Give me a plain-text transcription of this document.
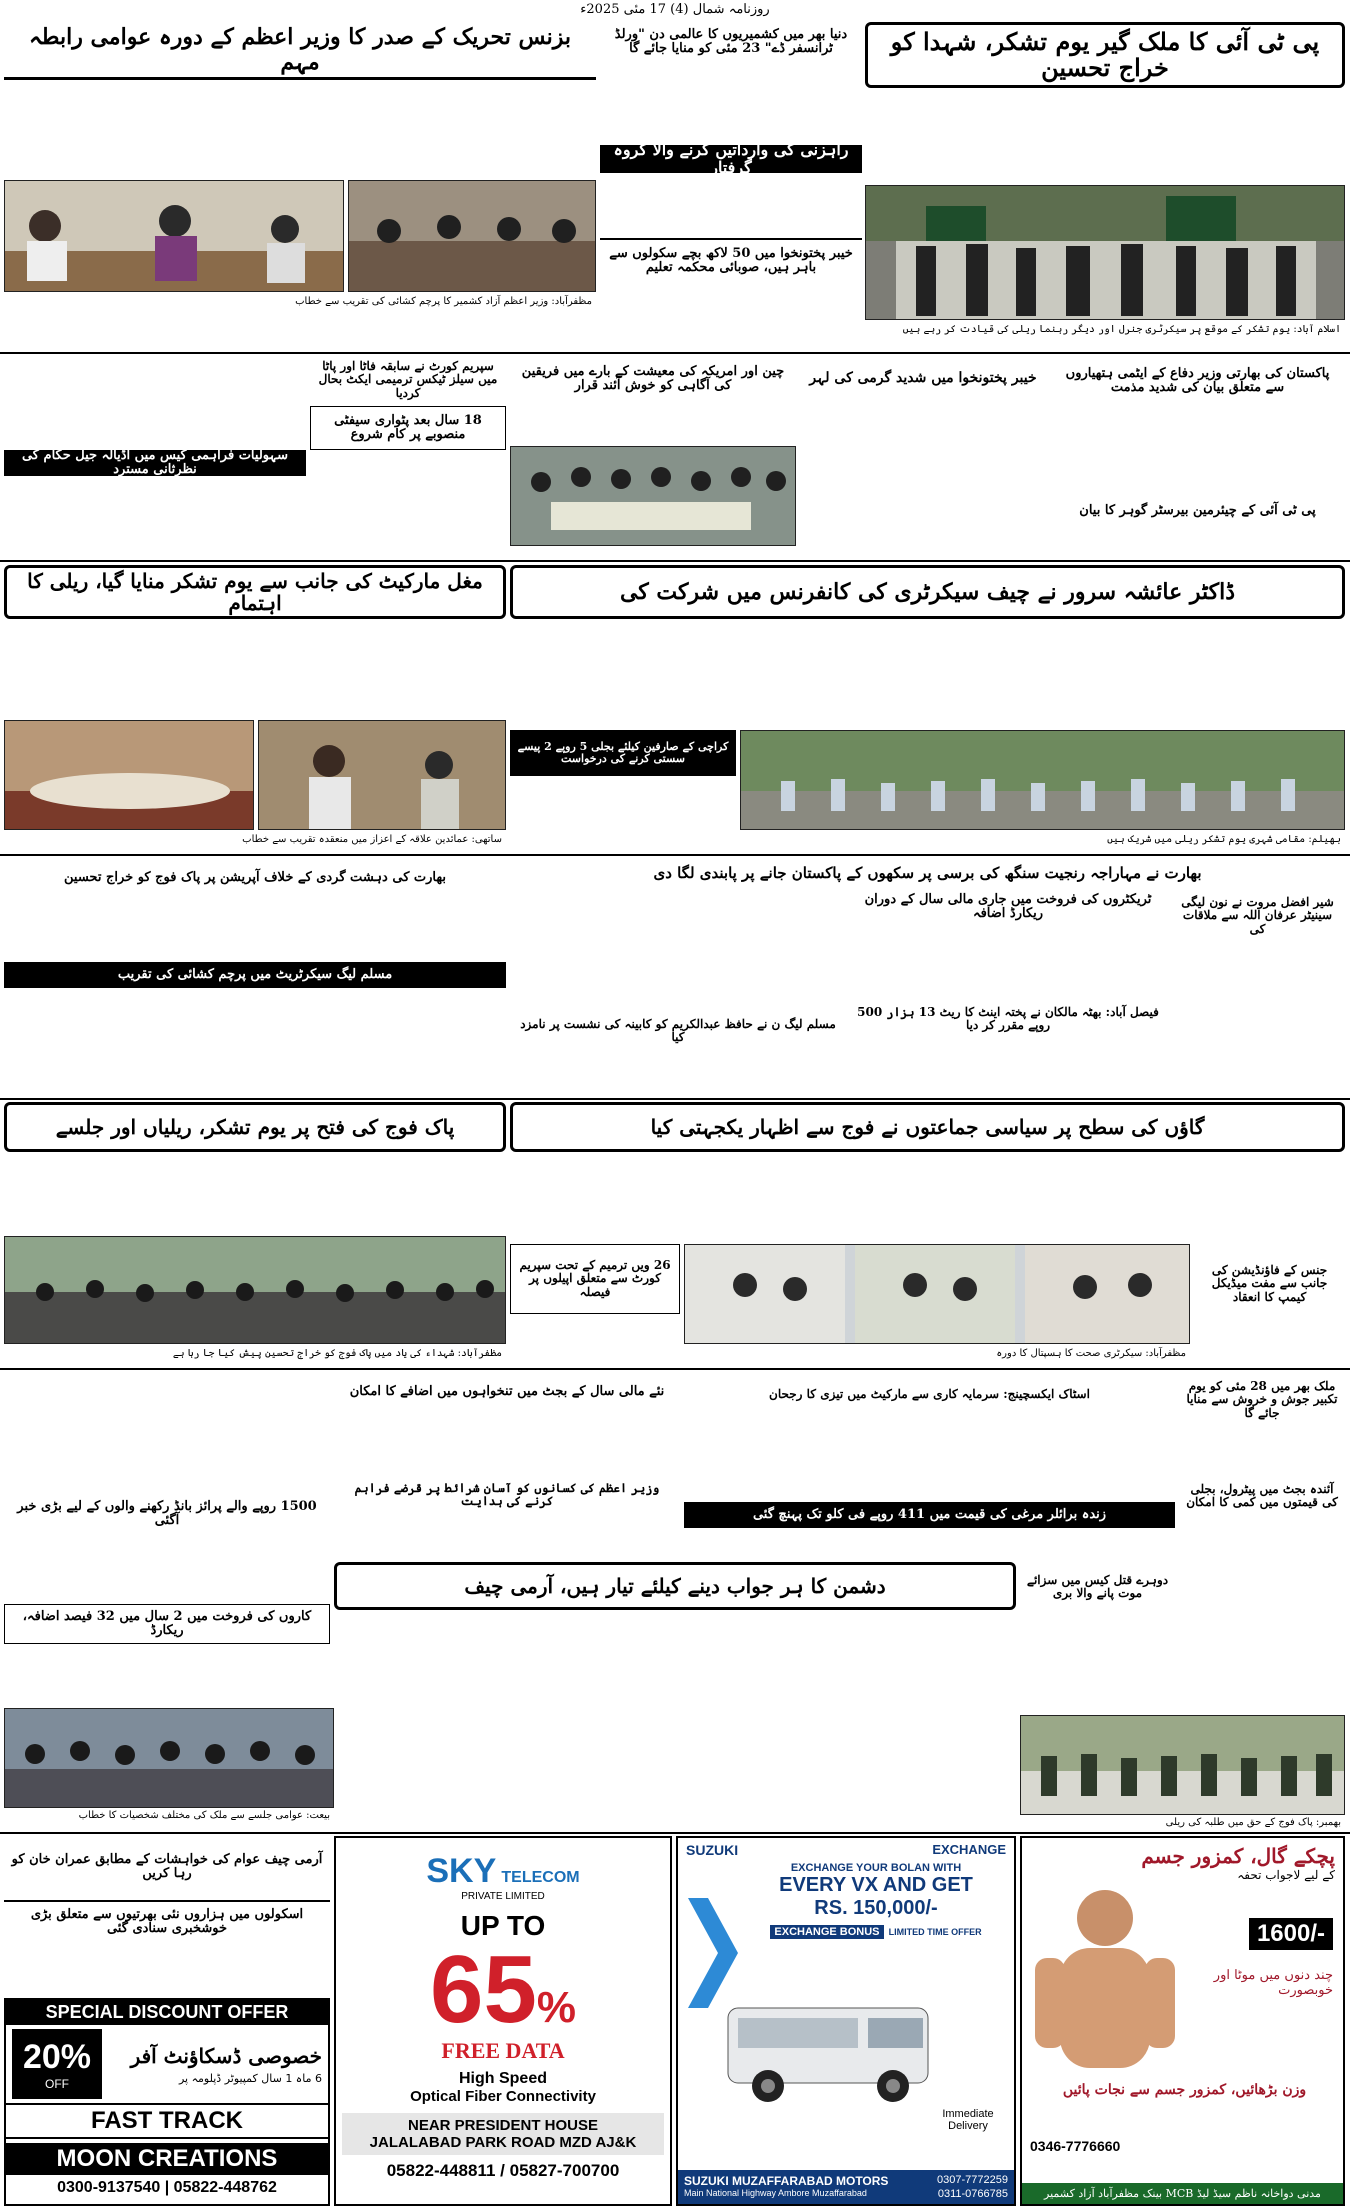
روزنامہ شمال (4) 17 مئی 2025ء
پی ٹی آئی کا ملک گیر یوم تشکر، شہدا کو خراج تحسین
اسلام آباد: یوم تشکر کے موقع پر سیکرٹری جنرل اور دیگر رہنما ریلی کی قیادت کر رہے ہیں
دنیا بھر میں کشمیریوں کا عالمی دن "ورلڈ ٹرانسفر ڈے" 23 مئی کو منایا جائے گا
بزنس تحریک کے صدر کا وزیر اعظم کے دورہ عوامی رابطہ مہم
مظفرآباد: وزیر اعظم آزاد کشمیر کا پرچم کشائی کی تقریب سے خطاب
راہزنی کی وارداتیں کرنے والا گروہ گرفتار
خیبر پختونخوا میں 50 لاکھ بچے سکولوں سے باہر ہیں، صوبائی محکمہ تعلیم
پاکستان کی بھارتی وزیر دفاع کے ایٹمی ہتھیاروں سے متعلق بیان کی شدید مذمت
پی ٹی آئی کے چیئرمین بیرسٹر گوہر کا بیان
خیبر پختونخوا میں شدید گرمی کی لہر
چین اور امریکہ کی معیشت کے بارے میں فریقین کی آگاہی کو خوش آئند قرار
سپریم کورٹ نے سابقہ فاٹا اور پاٹا میں سیلز ٹیکس ترمیمی ایکٹ بحال کردیا
18 سال بعد پٹواری سیفٹی منصوبے پر کام شروع
سہولیات فراہمی کیس میں اڈیالہ جیل حکام کی نظرثانی مسترد
ڈاکٹر عائشہ سرور نے چیف سیکرٹری کی کانفرنس میں شرکت کی
بھیلم: مقامی شہری یوم تشکر ریلی میں شریک ہیں
مغل مارکیٹ کی جانب سے یوم تشکر منایا گیا، ریلی کا اہتمام
ساتھی: عمائدین علاقہ کے اعزاز میں منعقدہ تقریب سے خطاب
کراچی کے صارفین کیلئے بجلی 5 روپے 2 پیسے سستی کرنے کی درخواست
بھارت نے مہاراجہ رنجیت سنگھ کی برسی پر سکھوں کے پاکستان جانے پر پابندی لگا دی
شیر افضل مروت نے نون لیگی سینیٹر عرفان اللہ سے ملاقات کی
ٹریکٹروں کی فروخت میں جاری مالی سال کے دوران ریکارڈ اضافہ
فیصل آباد: بھٹہ مالکان نے پختہ اینٹ کا ریٹ 13 ہزار 500 روپے مقرر کر دیا
مسلم لیگ ن نے حافظ عبدالکریم کو کابینہ کی نشست پر نامزد کیا
بھارت کی دہشت گردی کے خلاف آپریشن پر پاک فوج کو خراج تحسین
مسلم لیگ سیکرٹریٹ میں پرچم کشائی کی تقریب
پاک فوج کی فتح پر یوم تشکر، ریلیاں اور جلسے
مظفرآباد: شہداء کی یاد میں پاک فوج کو خراج تحسین پیش کیا جا رہا ہے
گاؤں کی سطح پر سیاسی جماعتوں نے فوج سے اظہار یکجہتی کیا
26 ویں ترمیم کے تحت سپریم کورٹ سے متعلق اپیلوں پر فیصلہ
مظفرآباد: سیکرٹری صحت کا ہسپتال کا دورہ
جنس کے فاؤنڈیشن کی جانب سے مفت میڈیکل کیمپ کا انعقاد
1500 روپے والے پرائز بانڈ رکھنے والوں کے لیے بڑی خبر آگئی
کاروں کی فروخت میں 2 سال میں 32 فیصد اضافہ، ریکارڈ
نئے مالی سال کے بجٹ میں تنخواہوں میں اضافے کا امکان
وزیر اعظم کی کسانوں کو آسان شرائط پر قرضے فراہم کرنے کی ہدایت
اسٹاک ایکسچینج: سرمایہ کاری سے مارکیٹ میں تیزی کا رجحان
زندہ برائلر مرغی کی قیمت میں 411 روپے فی کلو تک پہنچ گئی
ملک بھر میں 28 مئی کو یوم تکبیر جوش و خروش سے منایا جائے گا
آئندہ بجٹ میں پیٹرول، بجلی کی قیمتوں میں کمی کا امکان
دشمن کا ہر جواب دینے کیلئے تیار ہیں، آرمی چیف	دوہرے قتل کیس میں سزائے موت پانے والا بری
بیعت: عوامی جلسے سے ملک کی مختلف شخصیات کا خطاب
بھمبر: پاک فوج کے حق میں طلبہ کی ریلی
آرمی چیف عوام کی خواہشات کے مطابق عمران خان کو رہا کریں
اسکولوں میں ہزاروں نئی بھرتیوں سے متعلق بڑی خوشخبری سنادی گئی
SPECIAL DISCOUNT OFFER
20%
OFF
خصوصی ڈسکاؤنٹ آفر
6 ماہ 1 سال کمپیوٹر ڈپلومہ پر
FAST TRACK
MOON CREATIONS
0300-9137540 | 05822-448762
SKY TELECOM
PRIVATE LIMITED
UP TO
65%
FREE DATA
High Speed
Optical Fiber Connectivity
NEAR PRESIDENT HOUSE
JALALABAD PARK ROAD MZD AJ&K
05822-448811 / 05827-700700
SUZUKI	EXCHANGE
EXCHANGE YOUR BOLAN WITH
EVERY VX AND GET
RS. 150,000/-
EXCHANGE BONUS LIMITED TIME OFFER
Immediate Delivery
SUZUKI MUZAFFARABAD MOTORS	0307-7772259
Main National Highway Ambore Muzaffarabad	0311-0766785
پچکے گال، کمزور جسم
کے لیے لاجواب تحفہ
1600/-
چند دنوں میں موٹا اور خوبصورت
وزن بڑھائیں، کمزور جسم سے نجات پائیں
0346-7776660
مدنی دواخانہ ناظم سیڈ لیڈ MCB بینک مظفرآباد آزاد کشمیر
